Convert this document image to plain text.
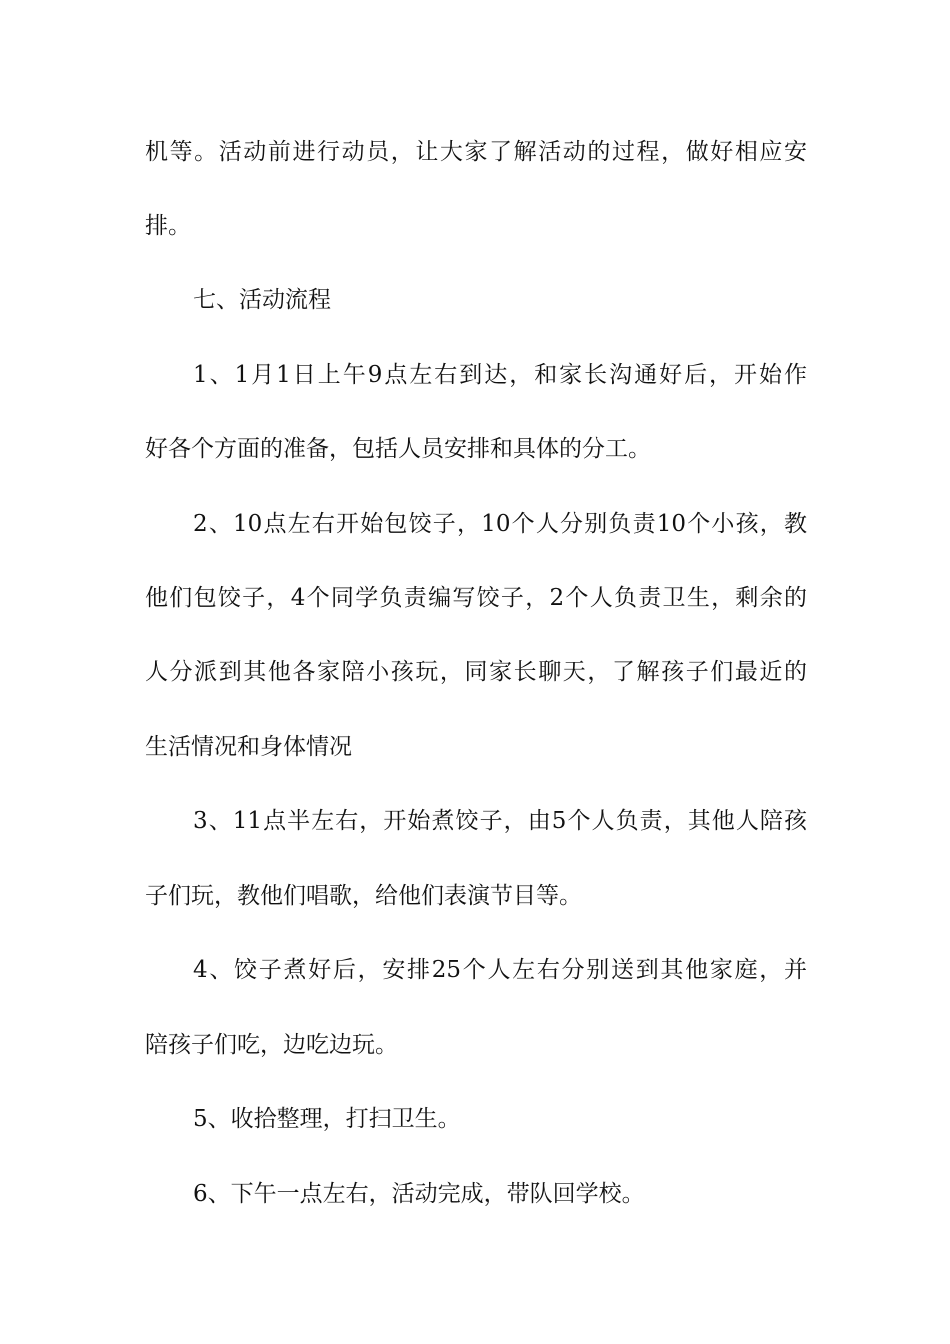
机等。活动前进行动员，让大家了解活动的过程，做好相应安
排。
七、活动流程
1、1月1日上午9点左右到达，和家长沟通好后，开始作
好各个方面的准备，包括人员安排和具体的分工。
2、10点左右开始包饺子，10个人分别负责10个小孩，教
他们包饺子，4个同学负责编写饺子，2个人负责卫生，剩余的
人分派到其他各家陪小孩玩，同家长聊天，了解孩子们最近的
生活情况和身体情况
3、11点半左右，开始煮饺子，由5个人负责，其他人陪孩
子们玩，教他们唱歌，给他们表演节目等。
4、饺子煮好后，安排25个人左右分别送到其他家庭，并
陪孩子们吃，边吃边玩。
5、收拾整理，打扫卫生。
6、下午一点左右，活动完成，带队回学校。
